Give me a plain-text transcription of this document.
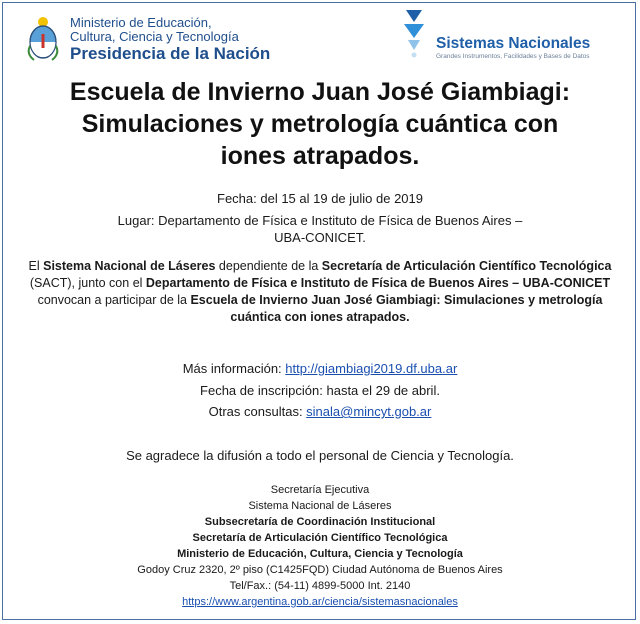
Ministerio de Educación,
Cultura, Ciencia y Tecnología
Presidencia de la Nación
Sistemas Nacionales
Grandes Instrumentos, Facilidades y Bases de Datos
Escuela de Invierno Juan José Giambiagi:
Simulaciones y metrología cuántica con
iones atrapados.
Fecha: del 15 al 19 de julio de 2019
Lugar: Departamento de Física e Instituto de Física de Buenos Aires –
UBA-CONICET.
El Sistema Nacional de Láseres dependiente de la Secretaría de Articulación Científico Tecnológica (SACT), junto con el Departamento de Física e Instituto de Física de Buenos Aires – UBA-CONICET
convocan a participar de la Escuela de Invierno Juan José Giambiagi: Simulaciones y metrología cuántica con iones atrapados.
Más información: http://giambiagi2019.df.uba.ar
Fecha de inscripción: hasta el 29 de abril.
Otras consultas: sinala@mincyt.gob.ar
Se agradece la difusión a todo el personal de Ciencia y Tecnología.
Secretaría Ejecutiva
Sistema Nacional de Láseres
Subsecretaría de Coordinación Institucional
Secretaría de Articulación Científico Tecnológica
Ministerio de Educación, Cultura, Ciencia y Tecnología
Godoy Cruz 2320, 2º piso (C1425FQD) Ciudad Autónoma de Buenos Aires
Tel/Fax.: (54-11) 4899-5000 Int. 2140
https://www.argentina.gob.ar/ciencia/sistemasnacionales
